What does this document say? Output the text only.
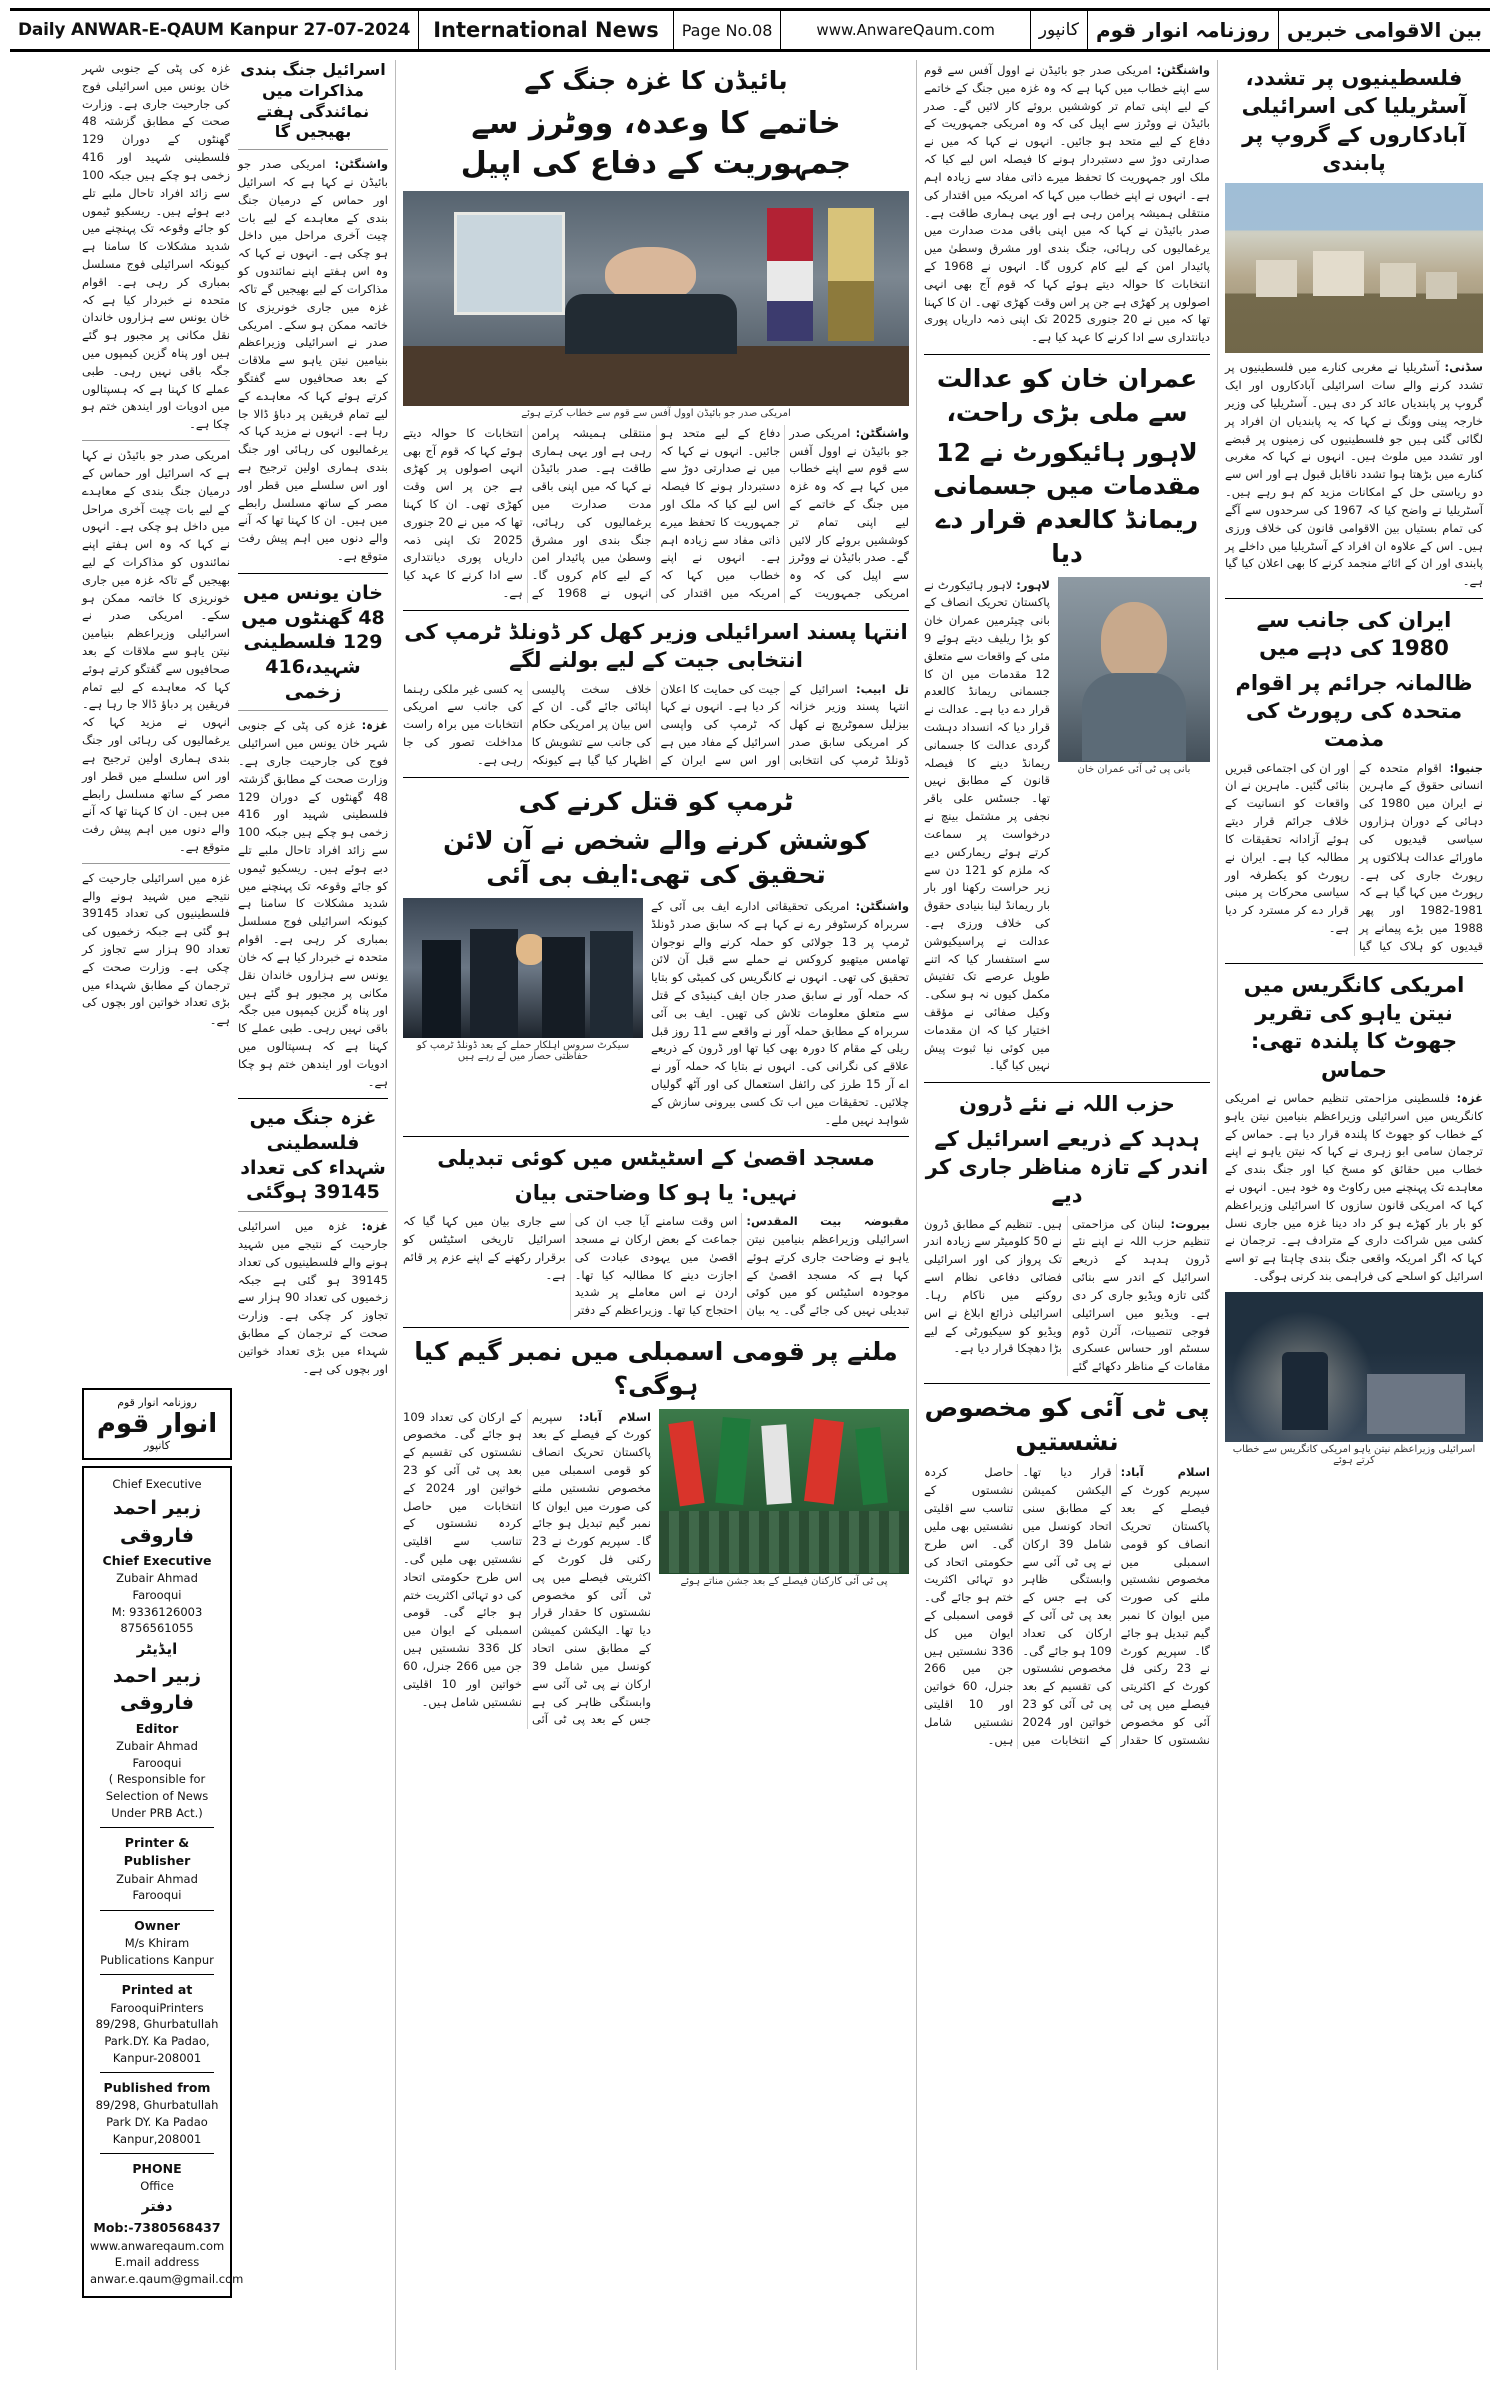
Daily ANWAR-E-QAUM
Kanpur
27-07-2024	International News	Page No.08	www.AnwareQaum.com	کانپور روزنامہ انوار قوم بین الاقوامی خبریں
فلسطینیوں پر تشدد، آسٹریلیا کی اسرائیلی آبادکاروں کے گروپ پر پابندی
سڈنی: آسٹریلیا نے مغربی کنارے میں فلسطینیوں پر تشدد کرنے والے سات اسرائیلی آبادکاروں اور ایک گروپ پر پابندیاں عائد کر دی ہیں۔ آسٹریلیا کی وزیر خارجہ پینی وونگ نے کہا کہ یہ پابندیاں ان افراد پر لگائی گئی ہیں جو فلسطینیوں کی زمینوں پر قبضے اور تشدد میں ملوث ہیں۔ انہوں نے کہا کہ مغربی کنارے میں بڑھتا ہوا تشدد ناقابل قبول ہے اور اس سے دو ریاستی حل کے امکانات مزید کم ہو رہے ہیں۔ آسٹریلیا نے واضح کیا کہ 1967 کی سرحدوں سے آگے کی تمام بستیاں بین الاقوامی قانون کی خلاف ورزی ہیں۔ اس کے علاوہ ان افراد کے آسٹریلیا میں داخلے پر پابندی اور ان کے اثاثے منجمد کرنے کا بھی اعلان کیا گیا ہے۔
ایران کی جانب سے 1980 کی دہے میں
ظالمانہ جرائم پر اقوام متحدہ کی رپورٹ کی مذمت
جنیوا: اقوام متحدہ کے انسانی حقوق کے ماہرین نے ایران میں 1980 کی دہائی کے دوران ہزاروں سیاسی قیدیوں کی ماورائے عدالت ہلاکتوں پر رپورٹ جاری کی ہے۔ رپورٹ میں کہا گیا ہے کہ 1981-1982 اور پھر 1988 میں بڑے پیمانے پر قیدیوں کو ہلاک کیا گیا اور ان کی اجتماعی قبریں بنائی گئیں۔ ماہرین نے ان واقعات کو انسانیت کے خلاف جرائم قرار دیتے ہوئے آزادانہ تحقیقات کا مطالبہ کیا ہے۔ ایران نے رپورٹ کو یکطرفہ اور سیاسی محرکات پر مبنی قرار دے کر مسترد کر دیا ہے۔
امریکی کانگریس میں نیتن یاہو کی تقریر جھوٹ کا پلندہ تھی: حماس
غزہ: فلسطینی مزاحمتی تنظیم حماس نے امریکی کانگریس میں اسرائیلی وزیراعظم بنیامین نیتن یاہو کے خطاب کو جھوٹ کا پلندہ قرار دیا ہے۔ حماس کے ترجمان سامی ابو زہری نے کہا کہ نیتن یاہو نے اپنے خطاب میں حقائق کو مسخ کیا اور جنگ بندی کے معاہدے تک پہنچنے میں رکاوٹ وہ خود ہیں۔ انہوں نے کہا کہ امریکی قانون سازوں کا اسرائیلی وزیراعظم کو بار بار کھڑے ہو کر داد دینا غزہ میں جاری نسل کشی میں شراکت داری کے مترادف ہے۔ ترجمان نے کہا کہ اگر امریکہ واقعی جنگ بندی چاہتا ہے تو اسے اسرائیل کو اسلحے کی فراہمی بند کرنی ہوگی۔
اسرائیلی وزیراعظم نیتن یاہو امریکی کانگریس سے خطاب کرتے ہوئے
واشنگٹن: امریکی صدر جو بائیڈن نے اوول آفس سے قوم سے اپنے خطاب میں کہا ہے کہ وہ غزہ میں جنگ کے خاتمے کے لیے اپنی تمام تر کوششیں بروئے کار لائیں گے۔ صدر بائیڈن نے ووٹرز سے اپیل کی کہ وہ امریکی جمہوریت کے دفاع کے لیے متحد ہو جائیں۔ انہوں نے کہا کہ میں نے صدارتی دوڑ سے دستبردار ہونے کا فیصلہ اس لیے کیا کہ ملک اور جمہوریت کا تحفظ میرے ذاتی مفاد سے زیادہ اہم ہے۔ انہوں نے اپنے خطاب میں کہا کہ امریکہ میں اقتدار کی منتقلی ہمیشہ پرامن رہی ہے اور یہی ہماری طاقت ہے۔ صدر بائیڈن نے کہا کہ میں اپنی باقی مدت صدارت میں یرغمالیوں کی رہائی، جنگ بندی اور مشرق وسطیٰ میں پائیدار امن کے لیے کام کروں گا۔ انہوں نے 1968 کے انتخابات کا حوالہ دیتے ہوئے کہا کہ قوم آج بھی انہی اصولوں پر کھڑی ہے جن پر اس وقت کھڑی تھی۔ ان کا کہنا تھا کہ میں نے 20 جنوری 2025 تک اپنی ذمہ داریاں پوری دیانتداری سے ادا کرنے کا عہد کیا ہے۔
عمران خان کو عدالت سے ملی بڑی راحت،
لاہور ہائیکورٹ نے 12 مقدمات میں جسمانی ریمانڈ کالعدم قرار دے دیا
بانی پی ٹی آئی عمران خان
لاہور: لاہور ہائیکورٹ نے پاکستان تحریک انصاف کے بانی چیئرمین عمران خان کو بڑا ریلیف دیتے ہوئے 9 مئی کے واقعات سے متعلق 12 مقدمات میں ان کا جسمانی ریمانڈ کالعدم قرار دے دیا ہے۔ عدالت نے قرار دیا کہ انسداد دہشت گردی عدالت کا جسمانی ریمانڈ دینے کا فیصلہ قانون کے مطابق نہیں تھا۔ جسٹس علی باقر نجفی پر مشتمل بینچ نے درخواست پر سماعت کرتے ہوئے ریمارکس دیے کہ ملزم کو 121 دن سے زیر حراست رکھنا اور بار بار ریمانڈ لینا بنیادی حقوق کی خلاف ورزی ہے۔ عدالت نے پراسیکیوشن سے استفسار کیا کہ اتنے طویل عرصے تک تفتیش مکمل کیوں نہ ہو سکی۔ وکیل صفائی نے مؤقف اختیار کیا کہ ان مقدمات میں کوئی نیا ثبوت پیش نہیں کیا گیا۔
حزب اللہ نے نئے ڈرون
ہدہد کے ذریعے اسرائیل کے اندر کے تازہ مناظر جاری کر دیے
بیروت: لبنان کی مزاحمتی تنظیم حزب اللہ نے اپنے نئے ڈرون ہدہد کے ذریعے اسرائیل کے اندر سے بنائی گئی تازہ ویڈیو جاری کر دی ہے۔ ویڈیو میں اسرائیلی فوجی تنصیبات، آئرن ڈوم سسٹم اور حساس عسکری مقامات کے مناظر دکھائے گئے ہیں۔ تنظیم کے مطابق ڈرون نے 50 کلومیٹر سے زیادہ اندر تک پرواز کی اور اسرائیلی فضائی دفاعی نظام اسے روکنے میں ناکام رہا۔ اسرائیلی ذرائع ابلاغ نے اس ویڈیو کو سیکیورٹی کے لیے بڑا دھچکا قرار دیا ہے۔
پی ٹی آئی کو مخصوص نشستیں
اسلام آباد: سپریم کورٹ کے فیصلے کے بعد پاکستان تحریک انصاف کو قومی اسمبلی میں مخصوص نشستیں ملنے کی صورت میں ایوان کا نمبر گیم تبدیل ہو جائے گا۔ سپریم کورٹ نے 23 رکنی فل کورٹ کے اکثریتی فیصلے میں پی ٹی آئی کو مخصوص نشستوں کا حقدار قرار دیا تھا۔ الیکشن کمیشن کے مطابق سنی اتحاد کونسل میں شامل 39 ارکان نے پی ٹی آئی سے وابستگی ظاہر کی ہے جس کے بعد پی ٹی آئی کے ارکان کی تعداد 109 ہو جائے گی۔ مخصوص نشستوں کی تقسیم کے بعد پی ٹی آئی کو 23 خواتین اور 2024 کے انتخابات میں حاصل کردہ نشستوں کے تناسب سے اقلیتی نشستیں بھی ملیں گی۔ اس طرح حکومتی اتحاد کی دو تہائی اکثریت ختم ہو جائے گی۔ قومی اسمبلی کے ایوان میں کل 336 نشستیں ہیں جن میں 266 جنرل، 60 خواتین اور 10 اقلیتی نشستیں شامل ہیں۔
بائیڈن کا غزہ جنگ کے
خاتمے کا وعدہ، ووٹرز سے جمہوریت کے دفاع کی اپیل
امریکی صدر جو بائیڈن اوول آفس سے قوم سے خطاب کرتے ہوئے
واشنگٹن: امریکی صدر جو بائیڈن نے اوول آفس سے قوم سے اپنے خطاب میں کہا ہے کہ وہ غزہ میں جنگ کے خاتمے کے لیے اپنی تمام تر کوششیں بروئے کار لائیں گے۔ صدر بائیڈن نے ووٹرز سے اپیل کی کہ وہ امریکی جمہوریت کے دفاع کے لیے متحد ہو جائیں۔ انہوں نے کہا کہ میں نے صدارتی دوڑ سے دستبردار ہونے کا فیصلہ اس لیے کیا کہ ملک اور جمہوریت کا تحفظ میرے ذاتی مفاد سے زیادہ اہم ہے۔ انہوں نے اپنے خطاب میں کہا کہ امریکہ میں اقتدار کی منتقلی ہمیشہ پرامن رہی ہے اور یہی ہماری طاقت ہے۔ صدر بائیڈن نے کہا کہ میں اپنی باقی مدت صدارت میں یرغمالیوں کی رہائی، جنگ بندی اور مشرق وسطیٰ میں پائیدار امن کے لیے کام کروں گا۔ انہوں نے 1968 کے انتخابات کا حوالہ دیتے ہوئے کہا کہ قوم آج بھی انہی اصولوں پر کھڑی ہے جن پر اس وقت کھڑی تھی۔ ان کا کہنا تھا کہ میں نے 20 جنوری 2025 تک اپنی ذمہ داریاں پوری دیانتداری سے ادا کرنے کا عہد کیا ہے۔
انتہا پسند اسرائیلی وزیر کھل کر ڈونلڈ ٹرمپ کی انتخابی جیت کے لیے بولنے لگے
تل ابیب: اسرائیل کے انتہا پسند وزیر خزانہ بیزلیل سموٹریچ نے کھل کر امریکی سابق صدر ڈونلڈ ٹرمپ کی انتخابی جیت کی حمایت کا اعلان کر دیا ہے۔ انہوں نے کہا کہ ٹرمپ کی واپسی اسرائیل کے مفاد میں ہے اور اس سے ایران کے خلاف سخت پالیسی اپنائی جائے گی۔ ان کے اس بیان پر امریکی حکام کی جانب سے تشویش کا اظہار کیا گیا ہے کیونکہ یہ کسی غیر ملکی رہنما کی جانب سے امریکی انتخابات میں براہ راست مداخلت تصور کی جا رہی ہے۔
ٹرمپ کو قتل کرنے کی
کوشش کرنے والے شخص نے آن لائن تحقیق کی تھی:ایف بی آئی
واشنگٹن: امریکی تحقیقاتی ادارے ایف بی آئی کے سربراہ کرسٹوفر رے نے کہا ہے کہ سابق صدر ڈونلڈ ٹرمپ پر 13 جولائی کو حملہ کرنے والے نوجوان تھامس میتھیو کروکس نے حملے سے قبل آن لائن تحقیق کی تھی۔ انہوں نے کانگریس کی کمیٹی کو بتایا کہ حملہ آور نے سابق صدر جان ایف کینیڈی کے قتل سے متعلق معلومات تلاش کی تھیں۔ ایف بی آئی سربراہ کے مطابق حملہ آور نے واقعے سے 11 روز قبل ریلی کے مقام کا دورہ بھی کیا تھا اور ڈرون کے ذریعے علاقے کی نگرانی کی۔ انہوں نے بتایا کہ حملہ آور نے اے آر 15 طرز کی رائفل استعمال کی اور آٹھ گولیاں چلائیں۔ تحقیقات میں اب تک کسی بیرونی سازش کے شواہد نہیں ملے۔
سیکرٹ سروس اہلکار حملے کے بعد ڈونلڈ ٹرمپ کو حفاظتی حصار میں لے رہے ہیں
مسجد اقصیٰ کے اسٹیٹس میں کوئی تبدیلی
نہیں: یا ہو کا وضاحتی بیان
مقبوضہ بیت المقدس: اسرائیلی وزیراعظم بنیامین نیتن یاہو نے وضاحت جاری کرتے ہوئے کہا ہے کہ مسجد اقصیٰ کے موجودہ اسٹیٹس کو میں کوئی تبدیلی نہیں کی جائے گی۔ یہ بیان اس وقت سامنے آیا جب ان کی جماعت کے بعض ارکان نے مسجد اقصیٰ میں یہودی عبادت کی اجازت دینے کا مطالبہ کیا تھا۔ اردن نے اس معاملے پر شدید احتجاج کیا تھا۔ وزیراعظم کے دفتر سے جاری بیان میں کہا گیا کہ اسرائیل تاریخی اسٹیٹس کو برقرار رکھنے کے اپنے عزم پر قائم ہے۔
ملنے پر قومی اسمبلی میں نمبر گیم کیا ہوگی؟
پی ٹی آئی کارکنان فیصلے کے بعد جشن مناتے ہوئے
اسلام آباد: سپریم کورٹ کے فیصلے کے بعد پاکستان تحریک انصاف کو قومی اسمبلی میں مخصوص نشستیں ملنے کی صورت میں ایوان کا نمبر گیم تبدیل ہو جائے گا۔ سپریم کورٹ نے 23 رکنی فل کورٹ کے اکثریتی فیصلے میں پی ٹی آئی کو مخصوص نشستوں کا حقدار قرار دیا تھا۔ الیکشن کمیشن کے مطابق سنی اتحاد کونسل میں شامل 39 ارکان نے پی ٹی آئی سے وابستگی ظاہر کی ہے جس کے بعد پی ٹی آئی کے ارکان کی تعداد 109 ہو جائے گی۔ مخصوص نشستوں کی تقسیم کے بعد پی ٹی آئی کو 23 خواتین اور 2024 کے انتخابات میں حاصل کردہ نشستوں کے تناسب سے اقلیتی نشستیں بھی ملیں گی۔ اس طرح حکومتی اتحاد کی دو تہائی اکثریت ختم ہو جائے گی۔ قومی اسمبلی کے ایوان میں کل 336 نشستیں ہیں جن میں 266 جنرل، 60 خواتین اور 10 اقلیتی نشستیں شامل ہیں۔
اسرائیل جنگ بندی مذاکرات میں نمائندگی ہفتے بھیجیں گا
واشنگٹن: امریکی صدر جو بائیڈن نے کہا ہے کہ اسرائیل اور حماس کے درمیان جنگ بندی کے معاہدے کے لیے بات چیت آخری مراحل میں داخل ہو چکی ہے۔ انہوں نے کہا کہ وہ اس ہفتے اپنے نمائندوں کو مذاکرات کے لیے بھیجیں گے تاکہ غزہ میں جاری خونریزی کا خاتمہ ممکن ہو سکے۔ امریکی صدر نے اسرائیلی وزیراعظم بنیامین نیتن یاہو سے ملاقات کے بعد صحافیوں سے گفتگو کرتے ہوئے کہا کہ معاہدے کے لیے تمام فریقین پر دباؤ ڈالا جا رہا ہے۔ انہوں نے مزید کہا کہ یرغمالیوں کی رہائی اور جنگ بندی ہماری اولین ترجیح ہے اور اس سلسلے میں قطر اور مصر کے ساتھ مسلسل رابطے میں ہیں۔ ان کا کہنا تھا کہ آنے والے دنوں میں اہم پیش رفت متوقع ہے۔
خان یونس میں 48 گھنٹوں میں 129 فلسطینی شہید،416 زخمی
غزہ: غزہ کی پٹی کے جنوبی شہر خان یونس میں اسرائیلی فوج کی جارحیت جاری ہے۔ وزارت صحت کے مطابق گزشتہ 48 گھنٹوں کے دوران 129 فلسطینی شہید اور 416 زخمی ہو چکے ہیں جبکہ 100 سے زائد افراد تاحال ملبے تلے دبے ہوئے ہیں۔ ریسکیو ٹیموں کو جائے وقوعہ تک پہنچنے میں شدید مشکلات کا سامنا ہے کیونکہ اسرائیلی فوج مسلسل بمباری کر رہی ہے۔ اقوام متحدہ نے خبردار کیا ہے کہ خان یونس سے ہزاروں خاندان نقل مکانی پر مجبور ہو گئے ہیں اور پناہ گزین کیمپوں میں جگہ باقی نہیں رہی۔ طبی عملے کا کہنا ہے کہ ہسپتالوں میں ادویات اور ایندھن ختم ہو چکا ہے۔
غزہ جنگ میں فلسطینی شہداء کی تعداد 39145 ہوگئی
غزہ: غزہ میں اسرائیلی جارحیت کے نتیجے میں شہید ہونے والے فلسطینیوں کی تعداد 39145 ہو گئی ہے جبکہ زخمیوں کی تعداد 90 ہزار سے تجاوز کر چکی ہے۔ وزارت صحت کے ترجمان کے مطابق شہداء میں بڑی تعداد خواتین اور بچوں کی ہے۔
غزہ کی پٹی کے جنوبی شہر خان یونس میں اسرائیلی فوج کی جارحیت جاری ہے۔ وزارت صحت کے مطابق گزشتہ 48 گھنٹوں کے دوران 129 فلسطینی شہید اور 416 زخمی ہو چکے ہیں جبکہ 100 سے زائد افراد تاحال ملبے تلے دبے ہوئے ہیں۔ ریسکیو ٹیموں کو جائے وقوعہ تک پہنچنے میں شدید مشکلات کا سامنا ہے کیونکہ اسرائیلی فوج مسلسل بمباری کر رہی ہے۔ اقوام متحدہ نے خبردار کیا ہے کہ خان یونس سے ہزاروں خاندان نقل مکانی پر مجبور ہو گئے ہیں اور پناہ گزین کیمپوں میں جگہ باقی نہیں رہی۔ طبی عملے کا کہنا ہے کہ ہسپتالوں میں ادویات اور ایندھن ختم ہو چکا ہے۔
امریکی صدر جو بائیڈن نے کہا ہے کہ اسرائیل اور حماس کے درمیان جنگ بندی کے معاہدے کے لیے بات چیت آخری مراحل میں داخل ہو چکی ہے۔ انہوں نے کہا کہ وہ اس ہفتے اپنے نمائندوں کو مذاکرات کے لیے بھیجیں گے تاکہ غزہ میں جاری خونریزی کا خاتمہ ممکن ہو سکے۔ امریکی صدر نے اسرائیلی وزیراعظم بنیامین نیتن یاہو سے ملاقات کے بعد صحافیوں سے گفتگو کرتے ہوئے کہا کہ معاہدے کے لیے تمام فریقین پر دباؤ ڈالا جا رہا ہے۔ انہوں نے مزید کہا کہ یرغمالیوں کی رہائی اور جنگ بندی ہماری اولین ترجیح ہے اور اس سلسلے میں قطر اور مصر کے ساتھ مسلسل رابطے میں ہیں۔ ان کا کہنا تھا کہ آنے والے دنوں میں اہم پیش رفت متوقع ہے۔
غزہ میں اسرائیلی جارحیت کے نتیجے میں شہید ہونے والے فلسطینیوں کی تعداد 39145 ہو گئی ہے جبکہ زخمیوں کی تعداد 90 ہزار سے تجاوز کر چکی ہے۔ وزارت صحت کے ترجمان کے مطابق شہداء میں بڑی تعداد خواتین اور بچوں کی ہے۔
روزنامہ انوار قوم
انوار قوم
کانپور
Chief Executive
زبیر احمد فاروقی
Chief Executive
Zubair Ahmad Farooqui
M: 9336126003
8756561055
ایڈیٹر
زبیر احمد فاروقی
Editor
Zubair Ahmad Farooqui
( Responsible for Selection of News Under PRB Act.)
Printer & Publisher
Zubair Ahmad Farooqui
Owner
M/s Khiram Publications Kanpur
Printed at
FarooquiPrinters 89/298, Ghurbatullah Park.DY. Ka Padao, Kanpur-208001
Published from
89/298, Ghurbatullah Park DY. Ka Padao Kanpur,208001
PHONE
Office
دفتر
Mob:-7380568437
www.anwareqaum.com
E.mail address
anwar.e.qaum@gmail.com
